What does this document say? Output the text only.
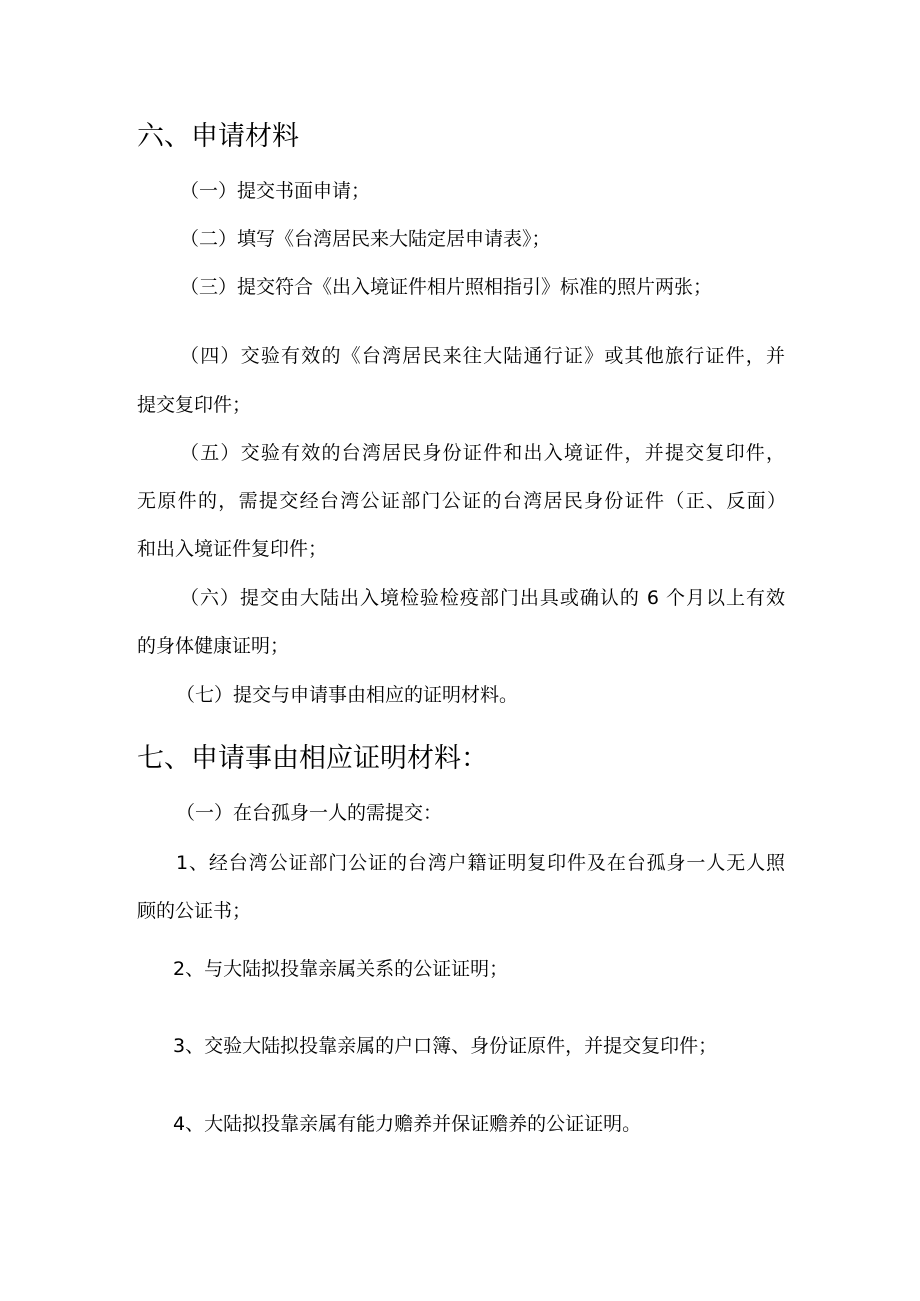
六、申请材料

（一）提交书面申请；

（二）填写《台湾居民来大陆定居申请表》；

（三）提交符合《出入境证件相片照相指引》标准的照片两张；

（四）交验有效的《台湾居民来往大陆通行证》或其他旅行证件，并

提交复印件；

（五）交验有效的台湾居民身份证件和出入境证件，并提交复印件，

无原件的，需提交经台湾公证部门公证的台湾居民身份证件（正、反面）

和出入境证件复印件；

（六）提交由大陆出入境检验检疫部门出具或确认的 6 个月以上有效

的身体健康证明；

（七）提交与申请事由相应的证明材料。

七、申请事由相应证明材料：

（一）在台孤身一人的需提交：

1、经台湾公证部门公证的台湾户籍证明复印件及在台孤身一人无人照

顾的公证书；

2、与大陆拟投靠亲属关系的公证证明；

3、交验大陆拟投靠亲属的户口簿、身份证原件，并提交复印件；

4、大陆拟投靠亲属有能力赡养并保证赡养的公证证明。
